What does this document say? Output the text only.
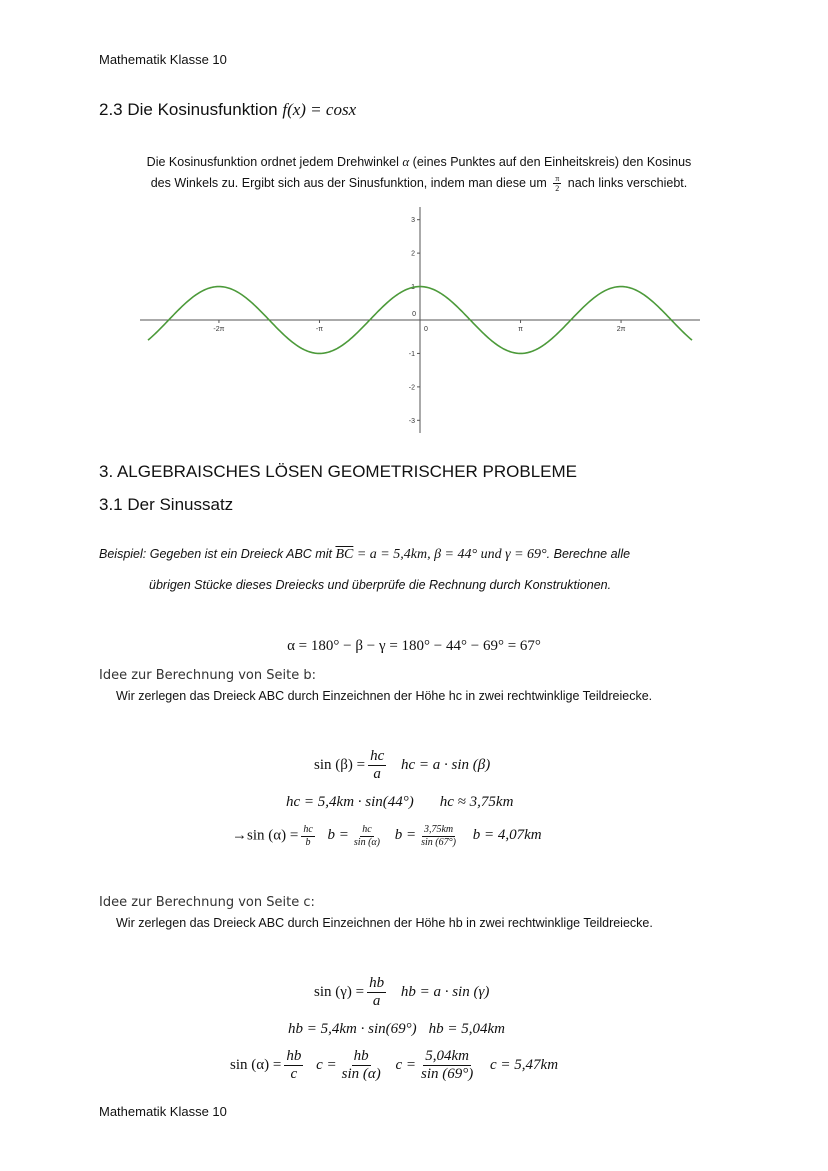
Mathematik Klasse 10
2.3 Die Kosinusfunktion f(x) = cosx
Die Kosinusfunktion ordnet jedem Drehwinkel α (eines Punktes auf den Einheitskreis) den Kosinus
des Winkels zu. Ergibt sich aus der Sinusfunktion, indem man diese um $\frac{\pi}{2}$ nach links verschiebt.
-2π	-π	0	π	2π
3
2
1
0
-1
-2
-3
3. ALGEBRAISCHES LÖSEN GEOMETRISCHER PROBLEME
3.1 Der Sinussatz
Beispiel: Gegeben ist ein Dreieck ABC mit $\overline{BC} = a = 5,4km$, β = 44° und γ = 69°. Berechne alle
übrigen Stücke dieses Dreiecks und überprüfe die Rechnung durch Konstruktionen.
α = 180° − β − γ = 180° − 44° − 69° = 67°
Idee zur Berechnung von Seite b:
Wir zerlegen das Dreieck ABC durch Einzeichnen der Höhe hc in zwei rechtwinklige Teildreiecke.
$\sin (\beta) = \frac{hc}{a}$ hc = a · sin (β)
hc = 5,4km · sin(44°) hc ≈ 3,75km
→sin $(\alpha) = \frac{hc}{b}$ $b = \frac{hc}{\sin (\alpha)}$ $b = \frac{3,75km}{\sin (67^\circ)}$ b = 4,07km
Idee zur Berechnung von Seite c:
Wir zerlegen das Dreieck ABC durch Einzeichnen der Höhe hb in zwei rechtwinklige Teildreiecke.
$\sin (\gamma) = \frac{hb}{a}$ hb = a · sin (γ)
hb = 5,4km · sin(69°) hb = 5,04km
$\sin (\alpha) = \frac{hb}{c}$ $c = \frac{hb}{\sin (\alpha)}$ $c = \frac{5,04km}{\sin (69^\circ)}$ c = 5,47km
Mathematik Klasse 10
